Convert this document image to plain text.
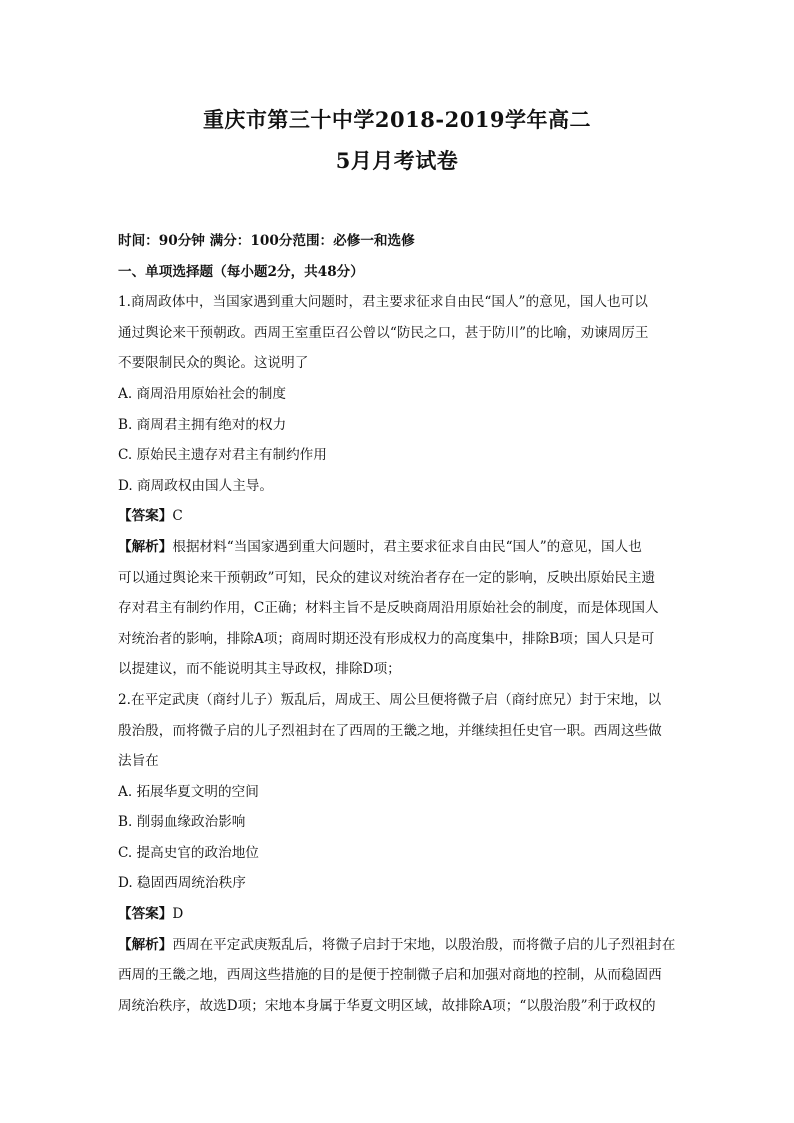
重庆市第三十中学2018-2019学年高二
5月月考试卷
时间：90分钟 满分：100分范围：必修一和选修
一、单项选择题（每小题2分，共48分）
1.商周政体中，当国家遇到重大问题时，君主要求征求自由民“国人”的意见，国人也可以
通过舆论来干预朝政。西周王室重臣召公曾以“防民之口，甚于防川”的比喻，劝谏周厉王
不要限制民众的舆论。这说明了
A. 商周沿用原始社会的制度
B. 商周君主拥有绝对的权力
C. 原始民主遗存对君主有制约作用
D. 商周政权由国人主导。
【答案】C
【解析】根据材料“当国家遇到重大问题时，君主要求征求自由民“国人”的意见，国人也
可以通过舆论来干预朝政”可知，民众的建议对统治者存在一定的影响，反映出原始民主遗
存对君主有制约作用，C正确；材料主旨不是反映商周沿用原始社会的制度，而是体现国人
对统治者的影响，排除A项；商周时期还没有形成权力的高度集中，排除B项；国人只是可
以提建议，而不能说明其主导政权，排除D项；
2.在平定武庚（商纣儿子）叛乱后，周成王、周公旦便将微子启（商纣庶兄）封于宋地，以
殷治殷，而将微子启的儿子烈祖封在了西周的王畿之地，并继续担任史官一职。西周这些做
法旨在
A. 拓展华夏文明的空间
B. 削弱血缘政治影响
C. 提高史官的政治地位
D. 稳固西周统治秩序
【答案】D
【解析】西周在平定武庚叛乱后，将微子启封于宋地，以殷治殷，而将微子启的儿子烈祖封在
西周的王畿之地，西周这些措施的目的是便于控制微子启和加强对商地的控制，从而稳固西
周统治秩序，故选D项；宋地本身属于华夏文明区域，故排除A项；“以殷治殷”利于政权的
